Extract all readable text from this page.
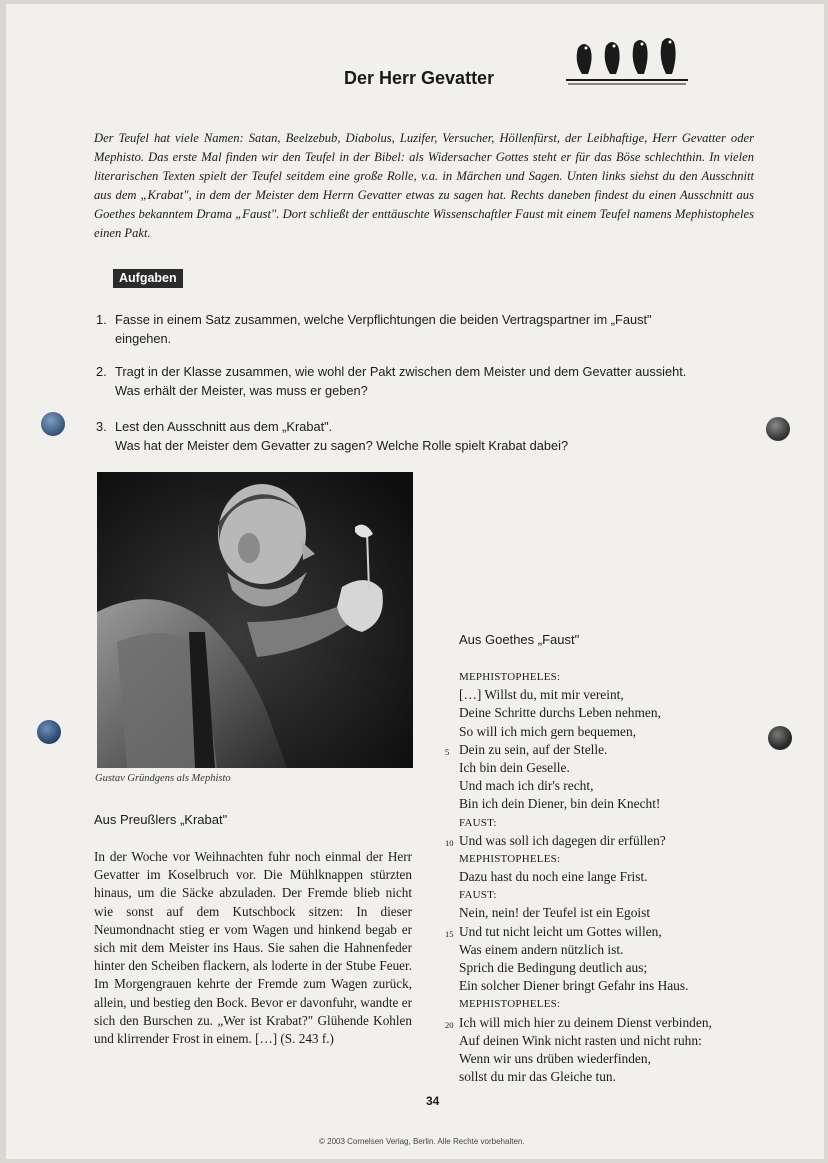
Der Herr Gevatter
Der Teufel hat viele Namen: Satan, Beelzebub, Diabolus, Luzifer, Versucher, Höllenfürst, der Leibhaftige, Herr Gevatter oder Mephisto. Das erste Mal finden wir den Teufel in der Bibel: als Widersacher Gottes steht er für das Böse schlechthin. In vielen literarischen Texten spielt der Teufel seitdem eine große Rolle, v.a. in Märchen und Sagen. Unten links siehst du den Ausschnitt aus dem „Krabat", in dem der Meister dem Herrn Gevatter etwas zu sagen hat. Rechts daneben findest du einen Ausschnitt aus Goethes bekanntem Drama „Faust". Dort schließt der enttäuschte Wissenschaftler Faust mit einem Teufel namens Mephistopheles einen Pakt.
Aufgaben
1. Fasse in einem Satz zusammen, welche Verpflichtungen die beiden Vertragspartner im „Faust"
eingehen.
2. Tragt in der Klasse zusammen, wie wohl der Pakt zwischen dem Meister und dem Gevatter aussieht.
Was erhält der Meister, was muss er geben?
3. Lest den Ausschnitt aus dem „Krabat".
Was hat der Meister dem Gevatter zu sagen? Welche Rolle spielt Krabat dabei?
Gustav Gründgens als Mephisto
Aus Preußlers „Krabat"
In der Woche vor Weihnachten fuhr noch einmal der Herr Gevatter im Koselbruch vor. Die Mühlknappen stürzten hinaus, um die Säcke abzuladen. Der Fremde blieb nicht wie sonst auf dem Kutschbock sitzen: In dieser Neumondnacht stieg er vom Wagen und hinkend begab er sich mit dem Meister ins Haus. Sie sahen die Hahnenfeder hinter den Scheiben flackern, als loderte in der Stube Feuer. Im Morgengrauen kehrte der Fremde zum Wagen zurück, allein, und bestieg den Bock. Bevor er davonfuhr, wandte er sich den Burschen zu. „Wer ist Krabat?" Glühende Kohlen und klirrender Frost in einem. […] (S. 243 f.)
Aus Goethes „Faust"
MEPHISTOPHELES:
[…] Willst du, mit mir vereint,
Deine Schritte durchs Leben nehmen,
So will ich mich gern bequemen,
5 Dein zu sein, auf der Stelle.
Ich bin dein Geselle.
Und mach ich dir's recht,
Bin ich dein Diener, bin dein Knecht!
FAUST:
10 Und was soll ich dagegen dir erfüllen?
MEPHISTOPHELES:
Dazu hast du noch eine lange Frist.
FAUST:
Nein, nein! der Teufel ist ein Egoist
15 Und tut nicht leicht um Gottes willen,
Was einem andern nützlich ist.
Sprich die Bedingung deutlich aus;
Ein solcher Diener bringt Gefahr ins Haus.
MEPHISTOPHELES:
20 Ich will mich hier zu deinem Dienst verbinden,
Auf deinen Wink nicht rasten und nicht ruhn:
Wenn wir uns drüben wiederfinden,
sollst du mir das Gleiche tun.
34
© 2003 Cornelsen Verlag, Berlin. Alle Rechte vorbehalten.
